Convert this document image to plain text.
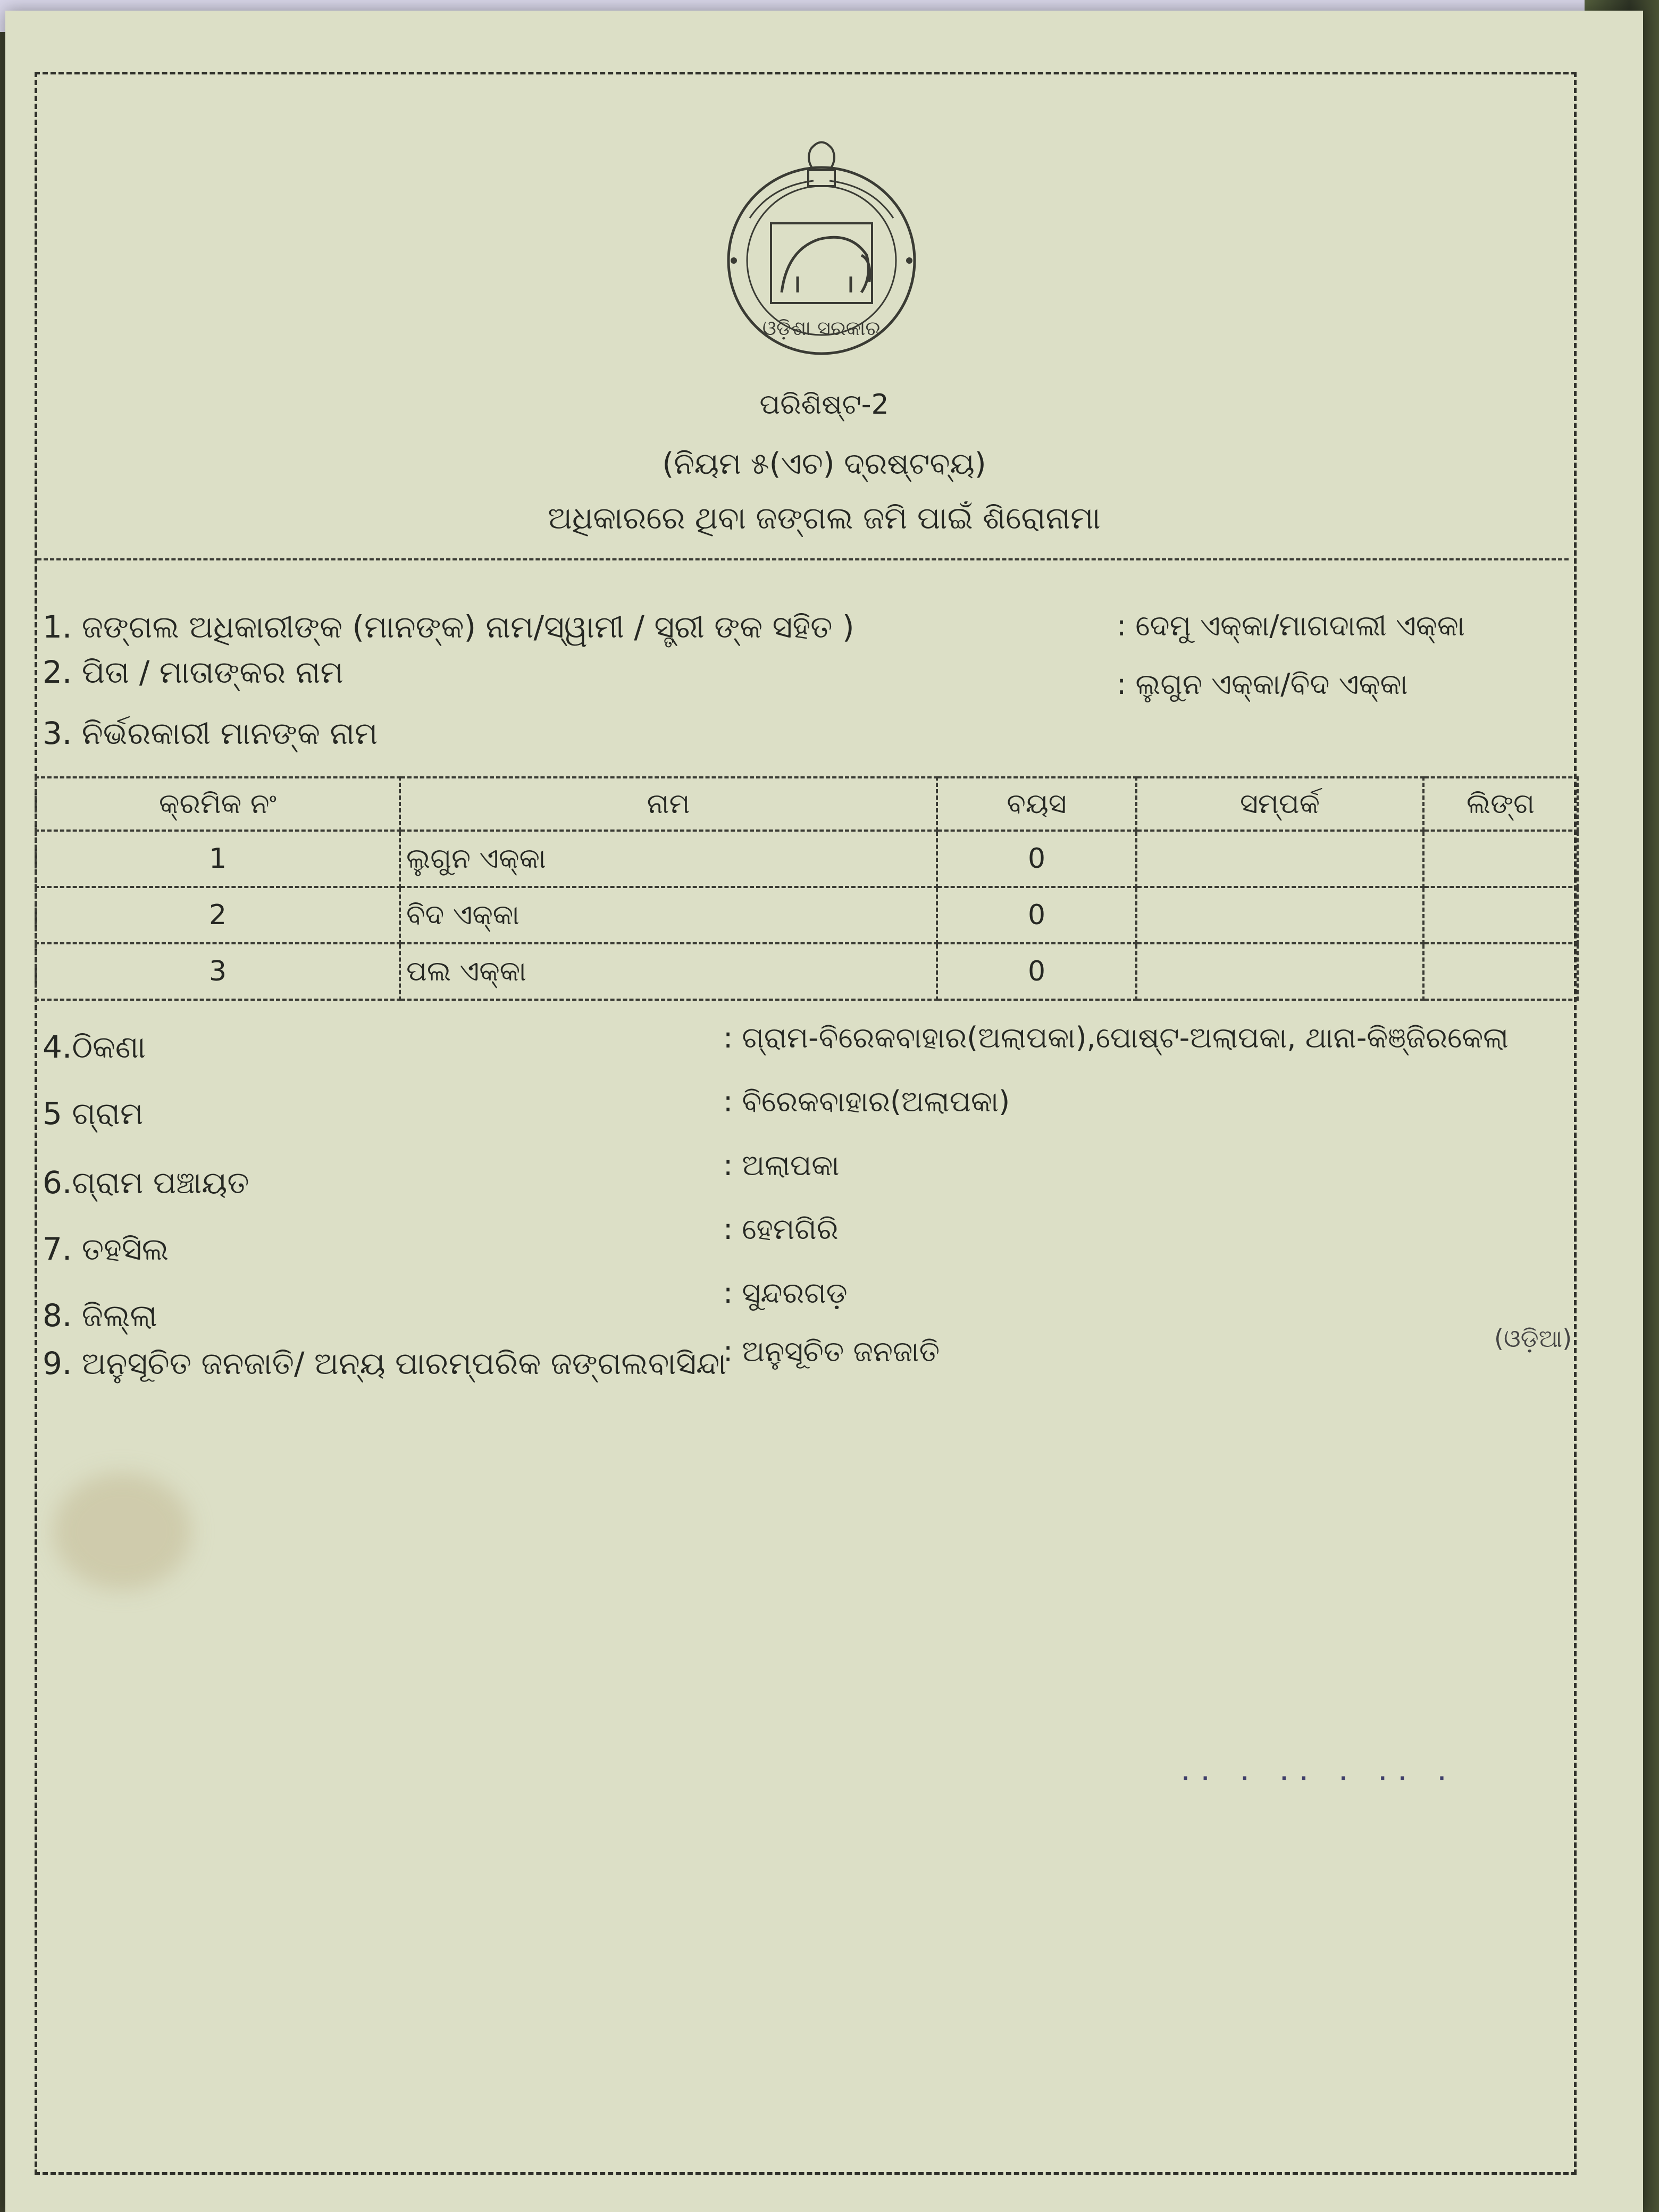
ଓଡ଼ିଶା ସରକାର
ପରିଶିଷ୍ଟ-2
(ନିୟମ ୫(ଏଚ) ଦ୍ରଷ୍ଟବ୍ୟ)
ଅଧିକାରରେ ଥିବା ଜଙ୍ଗଲ ଜମି ପାଇଁ ଶିରୋନାମା
1. ଜଙ୍ଗଲ ଅଧିକାରୀଙ୍କ (ମାନଙ୍କ) ନାମ/ସ୍ୱାମୀ / ସ୍ତ୍ରୀ ଙ୍କ ସହିତ )	: ଦେମୁ ଏକ୍କା/ମାଗଦାଲୀ ଏକ୍କା
2. ପିତା / ମାତାଙ୍କର ନାମ	: ଲୁଗୁନ ଏକ୍କା/ବିଦ ଏକ୍କା
3. ନିର୍ଭରକାରୀ ମାନଙ୍କ ନାମ
କ୍ରମିକ ନଂ	ନାମ	ବୟସ	ସମ୍ପର୍କ	ଲିଙ୍ଗ
1	ଲୁଗୁନ ଏକ୍କା	0		
2	ବିଦ ଏକ୍କା	0		
3	ପଲ ଏକ୍କା	0		
4.ଠିକଣା	: ଗ୍ରାମ-ବିରେକବାହାର(ଅଲାପକା),ପୋଷ୍ଟ-ଅଲାପକା, ଥାନା-କିଞ୍ଜିରକେଲା
5 ଗ୍ରାମ	: ବିରେକବାହାର(ଅଲାପକା)
6.ଗ୍ରାମ ପଞ୍ଚାୟତ	: ଅଲାପକା
7. ତହସିଲ
: ହେମଗିରି
8. ଜିଲ୍ଲା
: ସୁନ୍ଦରଗଡ଼
9. ଅନୁସୂଚିତ ଜନଜାତି/ ଅନ୍ୟ ପାରମ୍ପରିକ ଜଙ୍ଗଲବାସିନ୍ଦା
: ଅନୁସୂଚିତ ଜନଜାତି	(ଓଡ଼ିଆ)
·· · ·· · ·· ·
